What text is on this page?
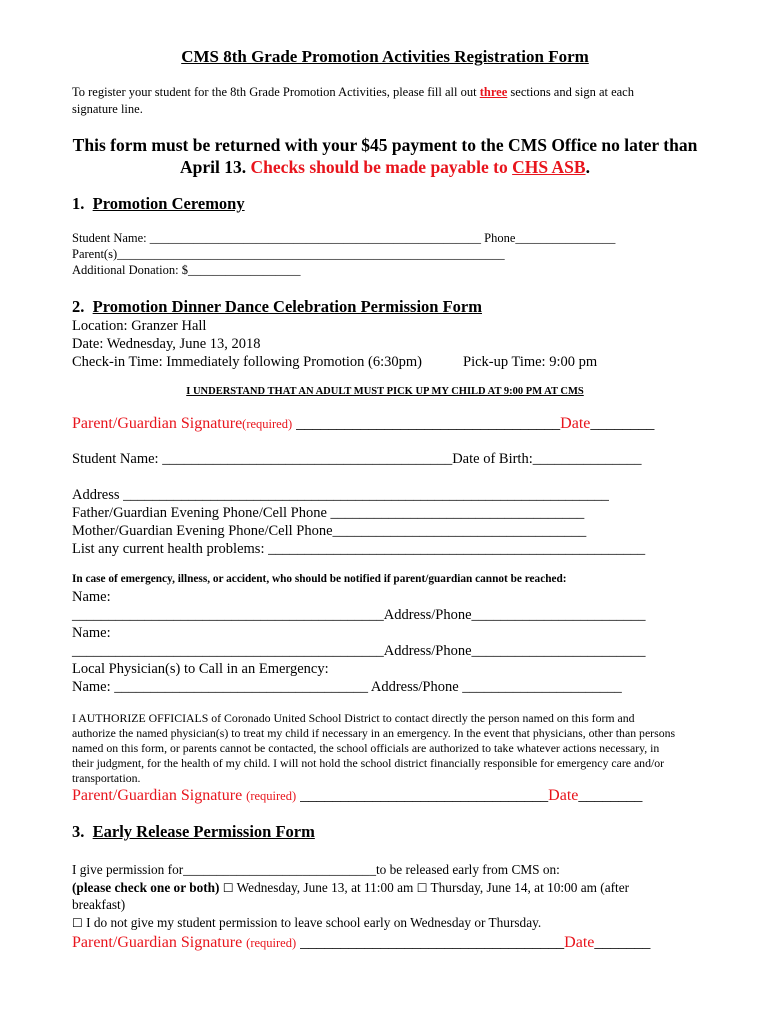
CMS 8th Grade Promotion Activities Registration Form
To register your student for the 8th Grade Promotion Activities, please fill all out three sections and sign at each signature line.
This form must be returned with your $45 payment to the CMS Office no later than April 13. Checks should be made payable to CHS ASB.
1. Promotion Ceremony
Student Name: _____________________________________________________ Phone________________
Parent(s)______________________________________________________________
Additional Donation: $__________________
2. Promotion Dinner Dance Celebration Permission Form
Location: Granzer Hall
Date: Wednesday, June 13, 2018
Check-in Time: Immediately following Promotion (6:30pm)	Pick-up Time: 9:00 pm
I UNDERSTAND THAT AN ADULT MUST PICK UP MY CHILD AT 9:00 PM AT CMS
Parent/Guardian Signature(required) _________________________________Date________
Student Name: ________________________________________Date of Birth:_______________
Address ___________________________________________________________________
Father/Guardian Evening Phone/Cell Phone ___________________________________
Mother/Guardian Evening Phone/Cell Phone___________________________________
List any current health problems: ____________________________________________________
In case of emergency, illness, or accident, who should be notified if parent/guardian cannot be reached:
Name:
___________________________________________Address/Phone________________________
Name:
___________________________________________Address/Phone________________________
Local Physician(s) to Call in an Emergency:
Name: ___________________________________ Address/Phone ______________________
I AUTHORIZE OFFICIALS of Coronado United School District to contact directly the person named on this form and authorize the named physician(s) to treat my child if necessary in an emergency. In the event that physicians, other than persons named on this form, or parents cannot be contacted, the school officials are authorized to take whatever actions necessary, in their judgment, for the health of my child. I will not hold the school district financially responsible for emergency care and/or transportation.
Parent/Guardian Signature (required) _______________________________Date________
3. Early Release Permission Form
I give permission for_____________________________to be released early from CMS on:
(please check one or both) ☐ Wednesday, June 13, at 11:00 am ☐ Thursday, June 14, at 10:00 am (after
breakfast)
☐ I do not give my student permission to leave school early on Wednesday or Thursday.
Parent/Guardian Signature (required) _________________________________Date_______
